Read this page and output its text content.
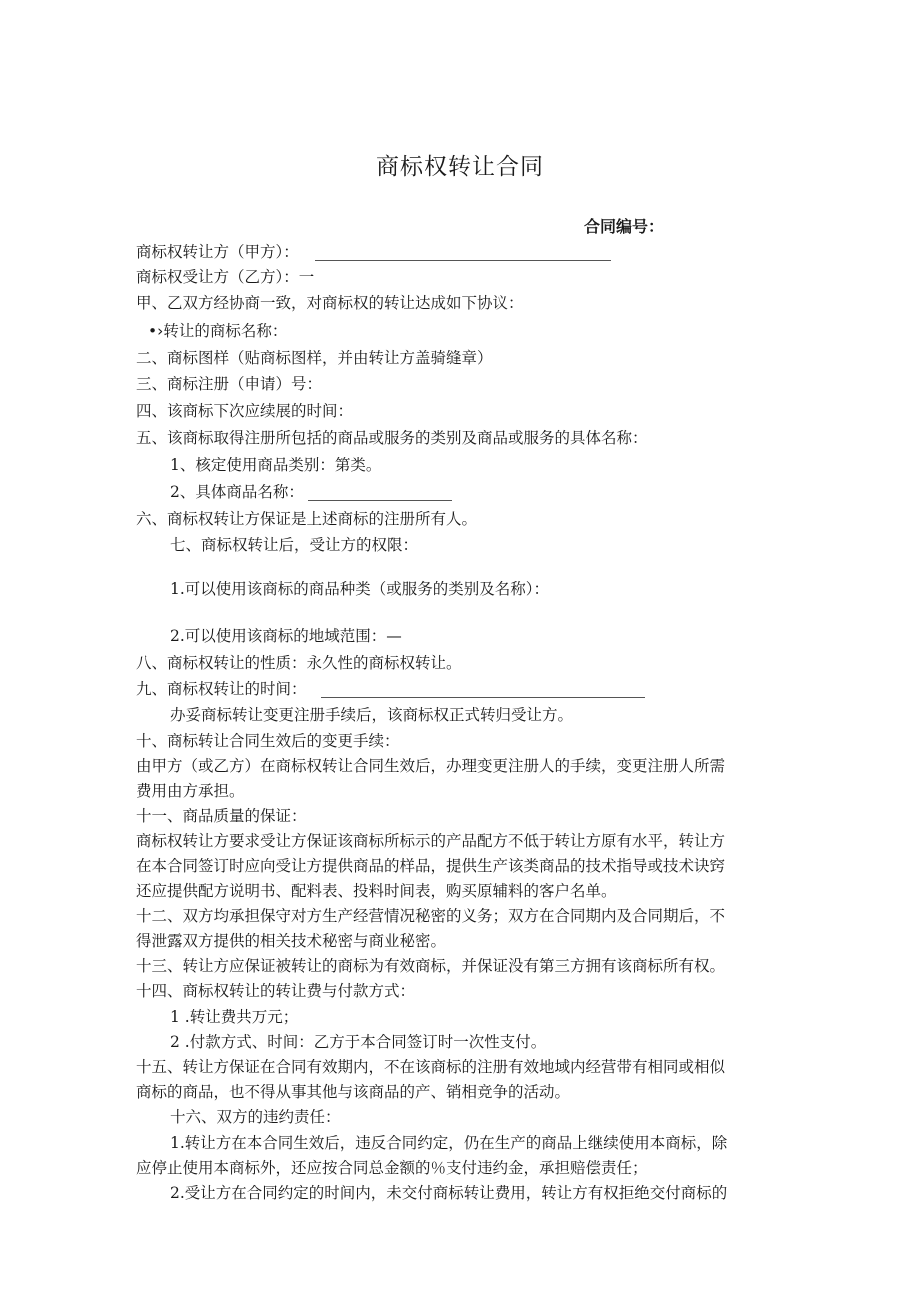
商标权转让合同
合同编号：
商标权转让方（甲方）：
商标权受让方（乙方）：一
甲、乙双方经协商一致，对商标权的转让达成如下协议：
•›转让的商标名称：
二、商标图样（贴商标图样，并由转让方盖骑缝章）
三、商标注册（申请）号：
四、该商标下次应续展的时间：
五、该商标取得注册所包括的商品或服务的类别及商品或服务的具体名称：
1、核定使用商品类别：第类。
2、具体商品名称：
六、商标权转让方保证是上述商标的注册所有人。
七、商标权转让后，受让方的权限：
1.可以使用该商标的商品种类（或服务的类别及名称）：
2.可以使用该商标的地域范围：—
八、商标权转让的性质：永久性的商标权转让。
九、商标权转让的时间：
办妥商标转让变更注册手续后，该商标权正式转归受让方。
十、商标转让合同生效后的变更手续：
由甲方（或乙方）在商标权转让合同生效后，办理变更注册人的手续，变更注册人所需
费用由方承担。
十一、商品质量的保证：
商标权转让方要求受让方保证该商标所标示的产品配方不低于转让方原有水平，转让方
在本合同签订时应向受让方提供商品的样品，提供生产该类商品的技术指导或技术诀窍
还应提供配方说明书、配料表、投料时间表，购买原辅料的客户名单。
十二、双方均承担保守对方生产经营情况秘密的义务；双方在合同期内及合同期后，不
得泄露双方提供的相关技术秘密与商业秘密。
十三、转让方应保证被转让的商标为有效商标，并保证没有第三方拥有该商标所有权。
十四、商标权转让的转让费与付款方式：
1 .转让费共万元；
2 .付款方式、时间：乙方于本合同签订时一次性支付。
十五、转让方保证在合同有效期内，不在该商标的注册有效地域内经营带有相同或相似
商标的商品，也不得从事其他与该商品的产、销相竞争的活动。
十六、双方的违约责任：
1.转让方在本合同生效后，违反合同约定，仍在生产的商品上继续使用本商标，除
应停止使用本商标外，还应按合同总金额的％支付违约金，承担赔偿责任；
2.受让方在合同约定的时间内，未交付商标转让费用，转让方有权拒绝交付商标的
